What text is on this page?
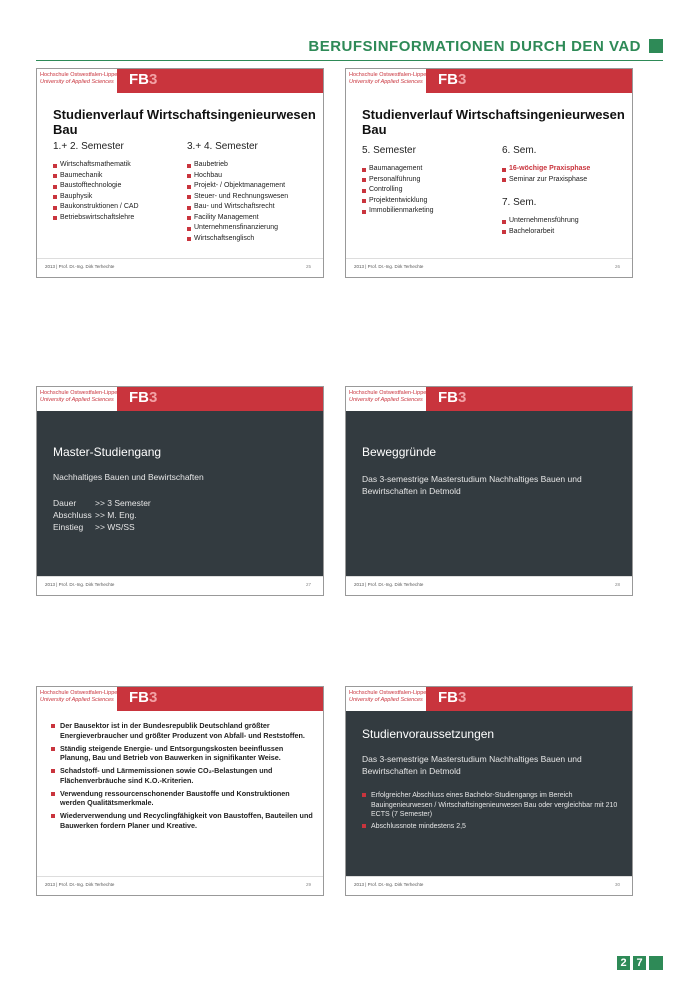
BERUFSINFORMATIONEN DURCH DEN VAD
Hochschule Ostwestfalen-Lippe
University of Applied Sciences FB3
Studienverlauf Wirtschaftsingenieurwesen Bau
1.+ 2. Semester
Wirtschaftsmathematik
Baumechanik
Baustofftechnologie
Bauphysik
Baukonstruktionen / CAD
Betriebswirtschaftslehre
3.+ 4. Semester
Baubetrieb
Hochbau
Projekt- / Objektmanagement
Steuer- und Rechnungswesen
Bau- und Wirtschaftsrecht
Facility Management
Unternehmensfinanzierung
Wirtschaftsenglisch
2013 | Prof. Dr.-Ing. Dirk Terhechte	25
Hochschule Ostwestfalen-Lippe
University of Applied Sciences FB3
Studienverlauf Wirtschaftsingenieurwesen Bau
5. Semester
Baumanagement
Personalführung
Controlling
Projektentwicklung
Immobilienmarketing
6. Sem.
16-wöchige Praxisphase
Seminar zur Praxisphase
7. Sem.
Unternehmensführung
Bachelorarbeit
2013 | Prof. Dr.-Ing. Dirk Terhechte	26
Hochschule Ostwestfalen-Lippe
University of Applied Sciences FB3
Master-Studiengang
Nachhaltiges Bauen und Bewirtschaften
Dauer	>> 3 Semester
Abschluss >> M. Eng.
Einstieg	>> WS/SS
2013 | Prof. Dr.-Ing. Dirk Terhechte	27
Hochschule Ostwestfalen-Lippe
University of Applied Sciences FB3
Beweggründe
Das 3-semestrige Masterstudium Nachhaltiges Bauen und Bewirtschaften in Detmold
2013 | Prof. Dr.-Ing. Dirk Terhechte	28
Hochschule Ostwestfalen-Lippe
University of Applied Sciences FB3
Der Bausektor ist in der Bundesrepublik Deutschland größter Energieverbraucher und größter Produzent von Abfall- und Reststoffen.
Ständig steigende Energie- und Entsorgungskosten beeinflussen Planung, Bau und Betrieb von Bauwerken in signifikanter Weise.
Schadstoff- und Lärmemissionen sowie CO₂-Belastungen und Flächenverbräuche sind K.O.-Kriterien.
Verwendung ressourcenschonender Baustoffe und Konstruktionen werden Qualitätsmerkmale.
Wiederverwendung und Recyclingfähigkeit von Baustoffen, Bauteilen und Bauwerken fordern Planer und Kreative.
2013 | Prof. Dr.-Ing. Dirk Terhechte	29
Hochschule Ostwestfalen-Lippe
University of Applied Sciences FB3
Studienvoraussetzungen
Das 3-semestrige Masterstudium Nachhaltiges Bauen und Bewirtschaften in Detmold
Erfolgreicher Abschluss eines Bachelor-Studiengangs im Bereich Bauingenieurwesen / Wirtschaftsingenieurwesen Bau oder vergleichbar mit 210 ECTS (7 Semester)
Abschlussnote mindestens 2,5
2013 | Prof. Dr.-Ing. Dirk Terhechte	30
2 7
